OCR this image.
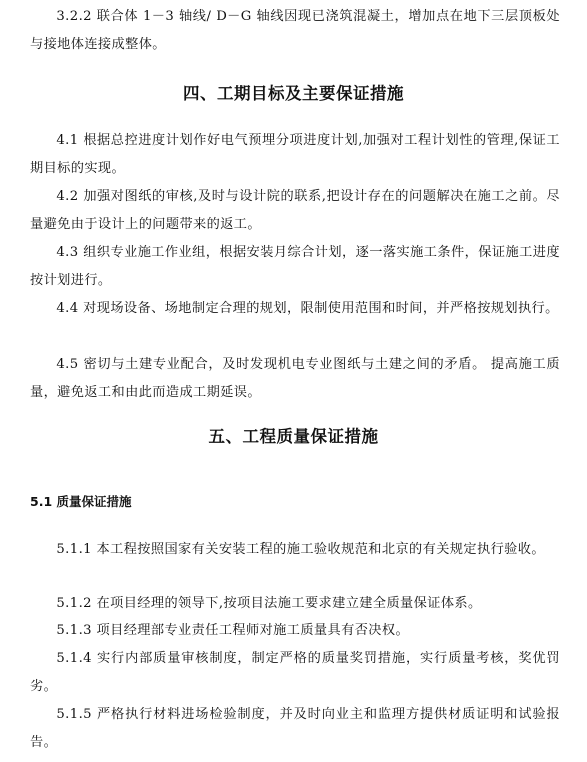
3.2.2 联合体 1－3 轴线/ D－G 轴线因现已浇筑混凝土，增加点在地下三层顶板处与接地体连接成整体。

四、工期目标及主要保证措施

4.1 根据总控进度计划作好电气预埋分项进度计划,加强对工程计划性的管理,保证工期目标的实现。

4.2 加强对图纸的审核,及时与设计院的联系,把设计存在的问题解决在施工之前。尽量避免由于设计上的问题带来的返工。

4.3 组织专业施工作业组，根据安装月综合计划，逐一落实施工条件，保证施工进度按计划进行。

4.4 对现场设备、场地制定合理的规划，限制使用范围和时间，并严格按规划执行。

4.5 密切与土建专业配合，及时发现机电专业图纸与土建之间的矛盾。 提高施工质量，避免返工和由此而造成工期延误。

五、工程质量保证措施
5.1 质量保证措施

5.1.1 本工程按照国家有关安装工程的施工验收规范和北京的有关规定执行验收。

5.1.2 在项目经理的领导下,按项目法施工要求建立建全质量保证体系。

5.1.3 项目经理部专业责任工程师对施工质量具有否决权。

5.1.4 实行内部质量审核制度，制定严格的质量奖罚措施，实行质量考核，奖优罚劣。

5.1.5 严格执行材料进场检验制度，并及时向业主和监理方提供材质证明和试验报告。
